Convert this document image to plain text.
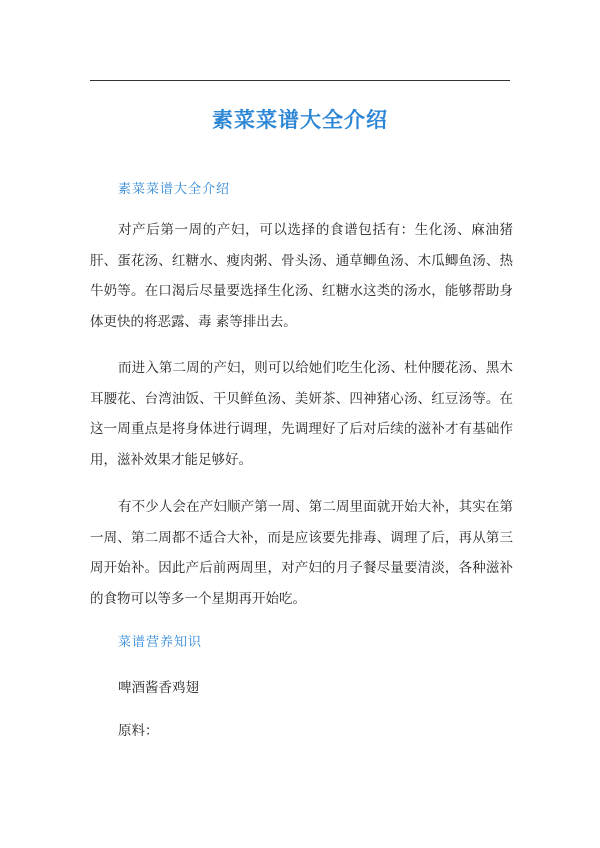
素菜菜谱大全介绍
素菜菜谱大全介绍

对产后第一周的产妇，可以选择的食谱包括有：生化汤、麻油猪肝、蛋花汤、红糖水、瘦肉粥、骨头汤、通草鲫鱼汤、木瓜鲫鱼汤、热牛奶等。在口渴后尽量要选择生化汤、红糖水这类的汤水，能够帮助身体更快的将恶露、毒 素等排出去。

而进入第二周的产妇，则可以给她们吃生化汤、杜仲腰花汤、黑木耳腰花、台湾油饭、干贝鲜鱼汤、美妍茶、四神猪心汤、红豆汤等。在这一周重点是将身体进行调理，先调理好了后对后续的滋补才有基础作用，滋补效果才能足够好。

有不少人会在产妇顺产第一周、第二周里面就开始大补，其实在第一周、第二周都不适合大补，而是应该要先排毒、调理了后，再从第三周开始补。因此产后前两周里，对产妇的月子餐尽量要清淡，各种滋补的食物可以等多一个星期再开始吃。

菜谱营养知识
啤酒酱香鸡翅
原料：
